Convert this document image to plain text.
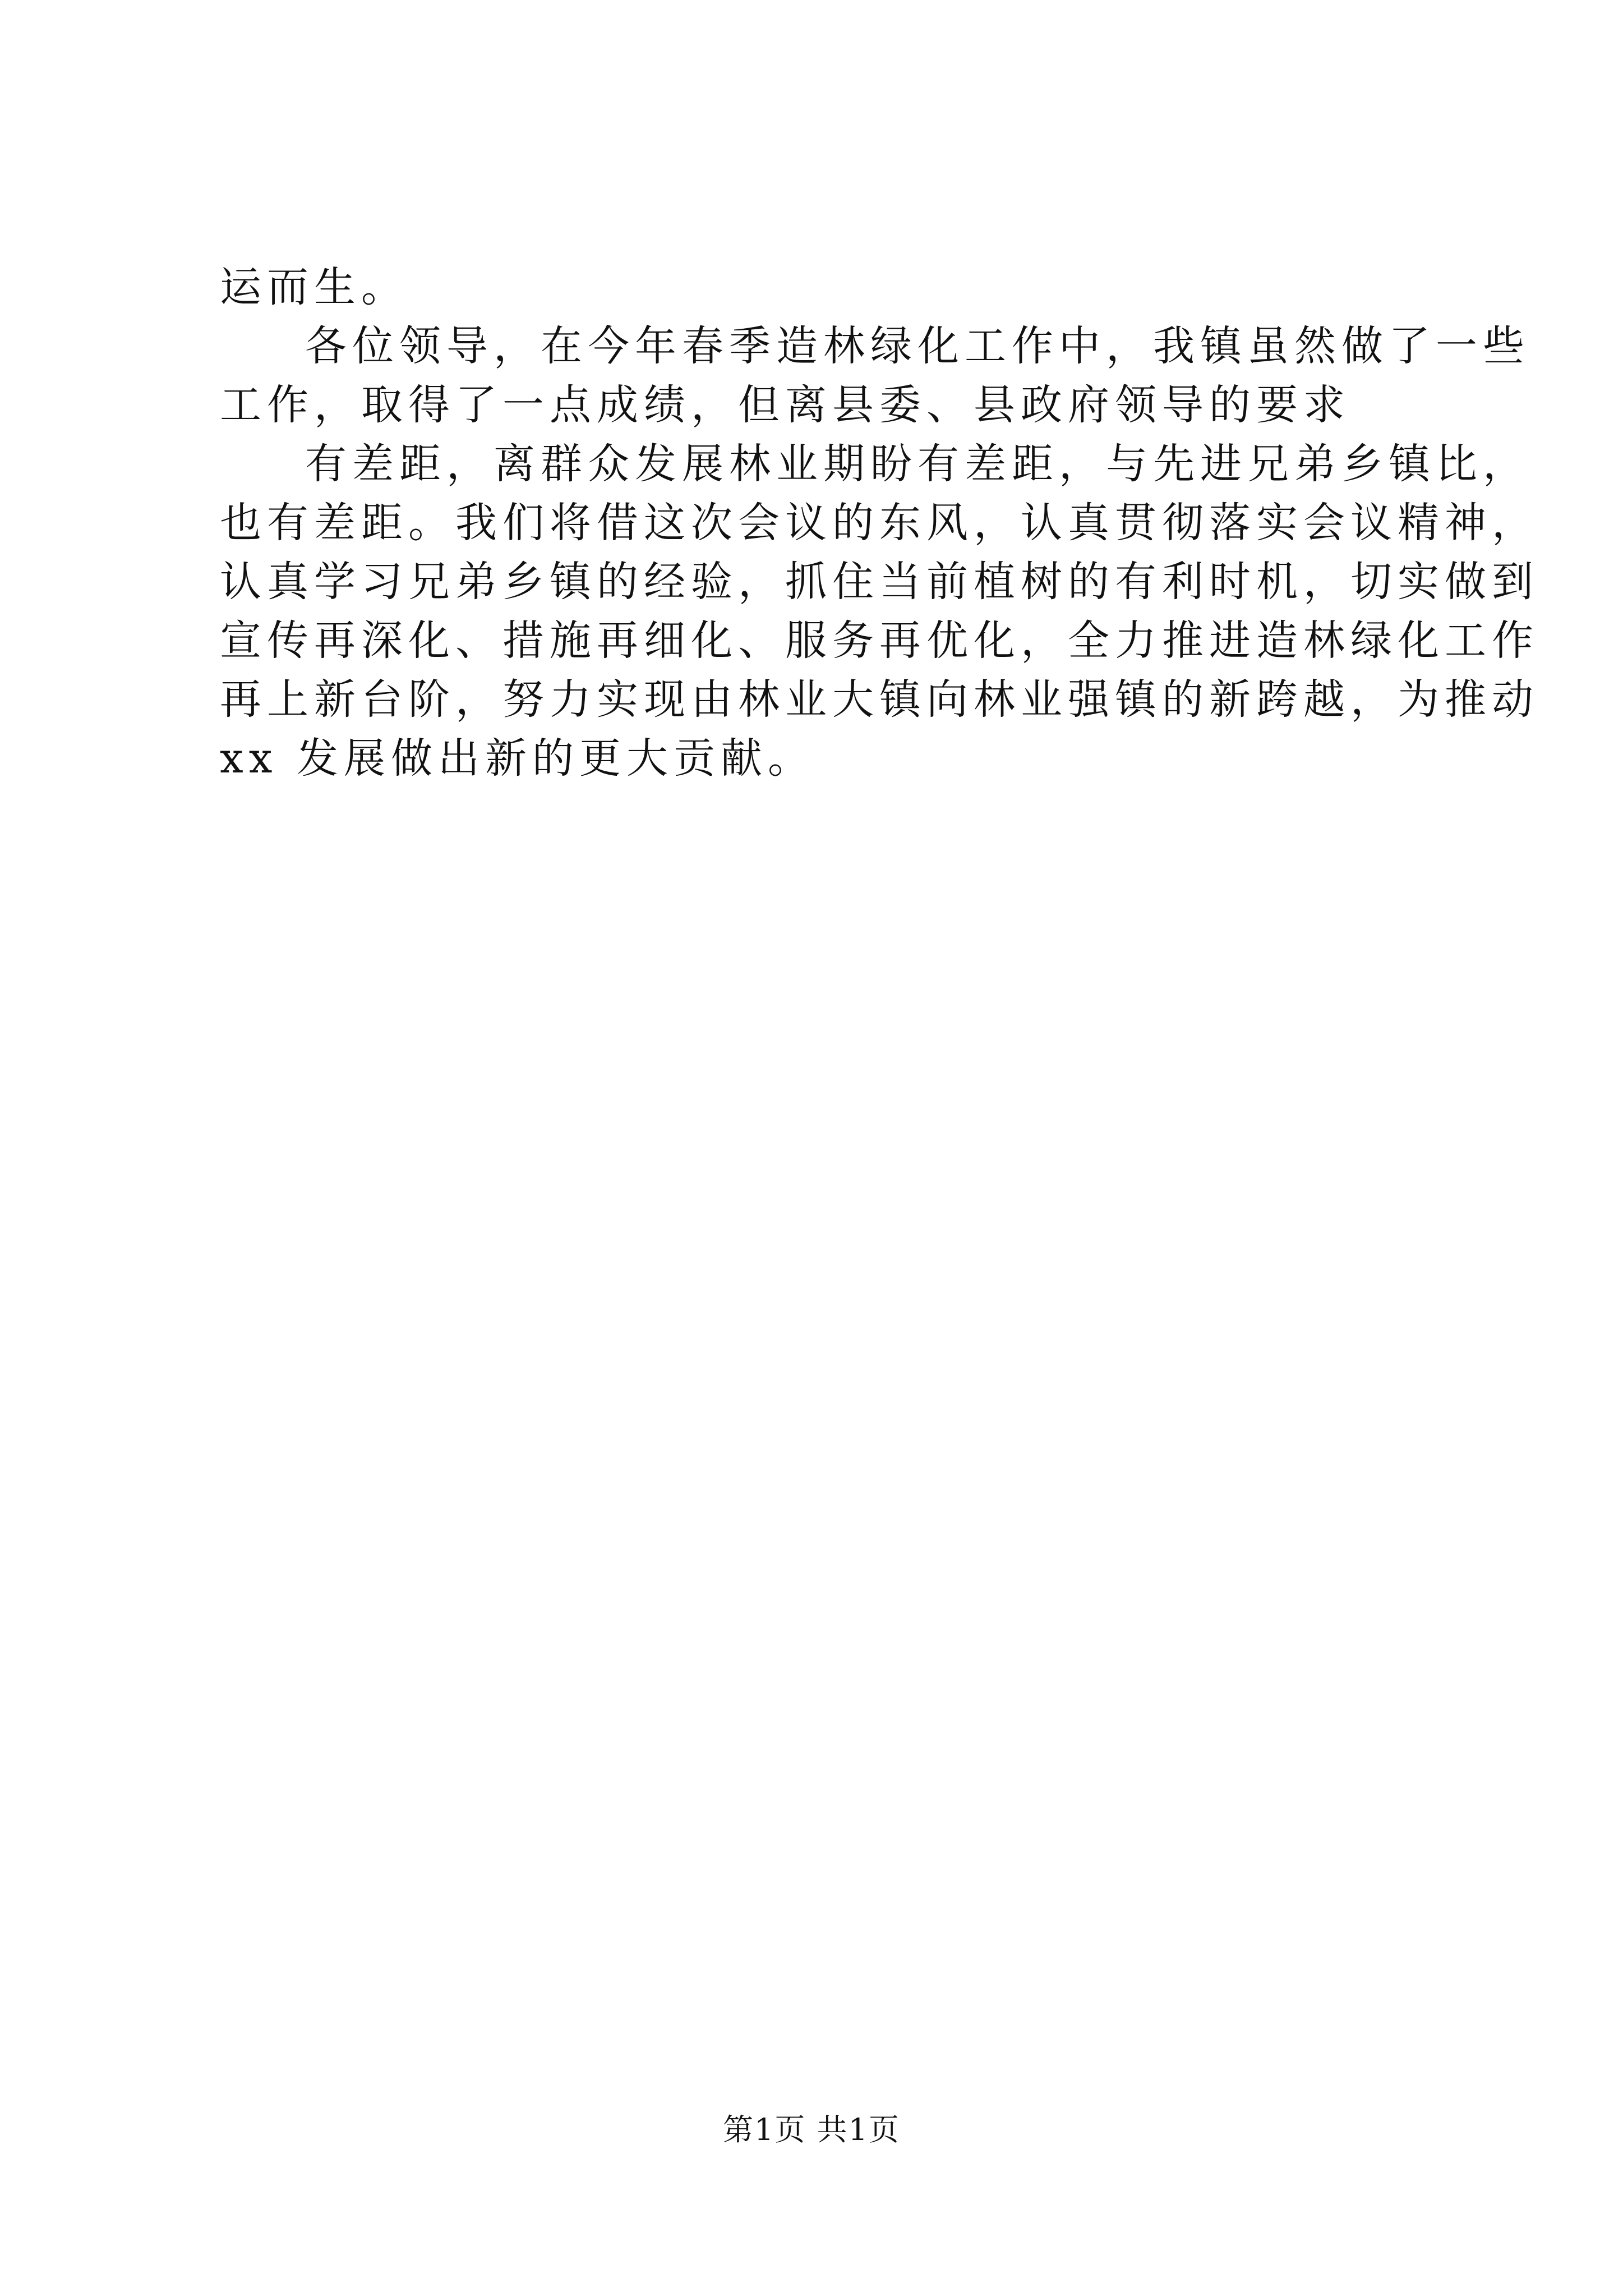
运而生。
各位领导，在今年春季造林绿化工作中，我镇虽然做了一些
工作，取得了一点成绩，但离县委、县政府领导的要求
有差距，离群众发展林业期盼有差距，与先进兄弟乡镇比，
也有差距。我们将借这次会议的东风，认真贯彻落实会议精神，
认真学习兄弟乡镇的经验，抓住当前植树的有利时机，切实做到
宣传再深化、措施再细化、服务再优化，全力推进造林绿化工作
再上新台阶，努力实现由林业大镇向林业强镇的新跨越，为推动
xx 发展做出新的更大贡献。
第1页 共1页
